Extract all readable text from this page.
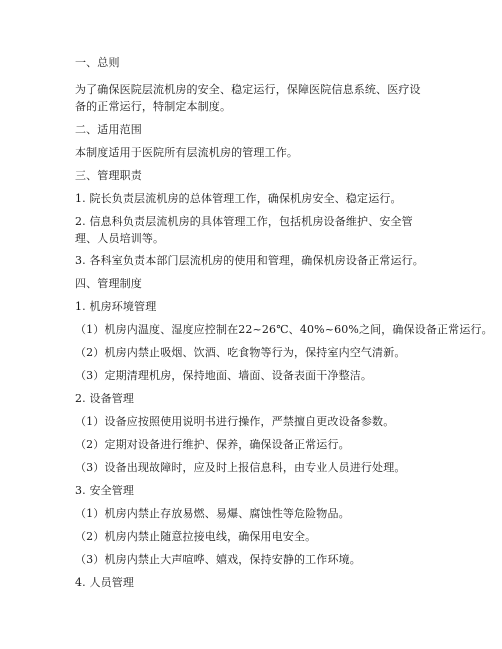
一、总则
为了确保医院层流机房的安全、稳定运行，保障医院信息系统、医疗设备的正常运行，特制定本制度。
二、适用范围
本制度适用于医院所有层流机房的管理工作。
三、管理职责
1. 院长负责层流机房的总体管理工作，确保机房安全、稳定运行。
2. 信息科负责层流机房的具体管理工作，包括机房设备维护、安全管理、人员培训等。
3. 各科室负责本部门层流机房的使用和管理，确保机房设备正常运行。
四、管理制度
1. 机房环境管理
（1）机房内温度、湿度应控制在22~26℃、40%~60%之间，确保设备正常运行。
（2）机房内禁止吸烟、饮酒、吃食物等行为，保持室内空气清新。
（3）定期清理机房，保持地面、墙面、设备表面干净整洁。
2. 设备管理
（1）设备应按照使用说明书进行操作，严禁擅自更改设备参数。
（2）定期对设备进行维护、保养，确保设备正常运行。
（3）设备出现故障时，应及时上报信息科，由专业人员进行处理。
3. 安全管理
（1）机房内禁止存放易燃、易爆、腐蚀性等危险物品。
（2）机房内禁止随意拉接电线，确保用电安全。
（3）机房内禁止大声喧哗、嬉戏，保持安静的工作环境。
4. 人员管理
